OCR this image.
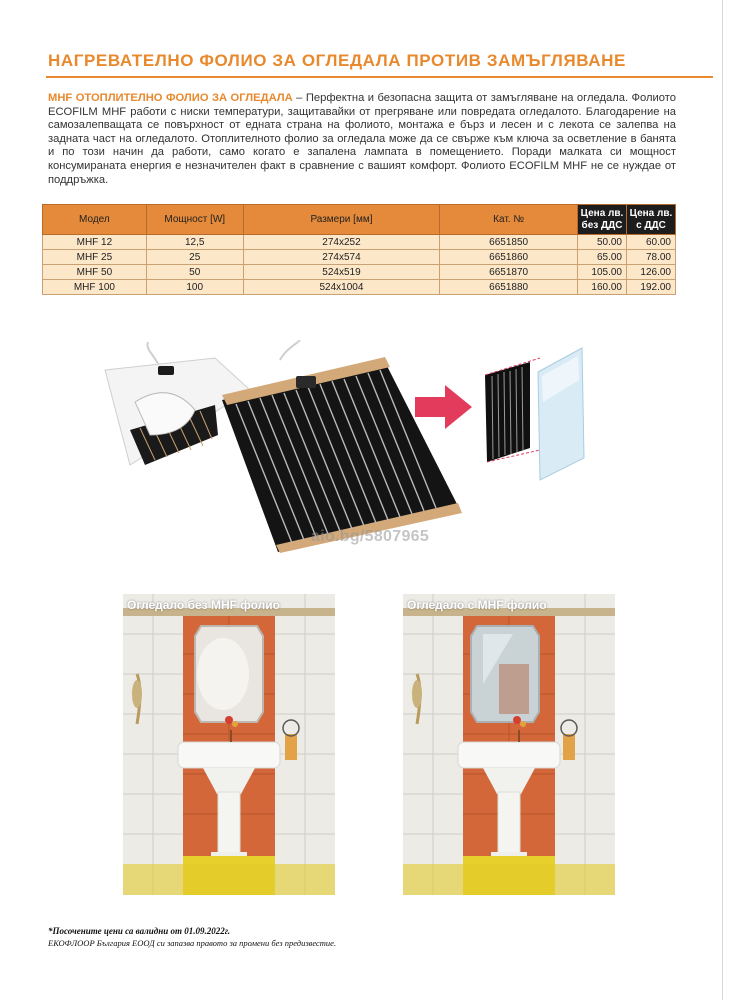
НАГРЕВАТЕЛНО ФОЛИО ЗА ОГЛЕДАЛА ПРОТИВ ЗАМЪГЛЯВАНЕ

MHF ОТОПЛИТЕЛНО ФОЛИО ЗА ОГЛЕДАЛА – Перфектна и безопасна защита от замъгляване на огледала. Фолиото ECOFILM MHF работи с ниски температури, защитавайки от прегряване или повредата огледалото. Благодарение на самозалепващата се повърхност от едната страна на фолиото, монтажа е бърз и лесен и с лекота се залепва на задната част на огледалото. Отоплителното фолио за огледала може да се свърже към ключа за осветление в банята и по този начин да работи, само когато е запалена лампата в помещението. Поради малката си мощност консумираната енергия е незначителен факт в сравнение с вашият комфорт. Фолиото ECOFILM MHF не се нуждае от поддръжка.

Модел	Мощност [W]	Размери [мм]	Кат. №	Цена лв.
без ДДС	Цена лв.
с ДДС
MHF 12	12,5	274x252	6651850	50.00	60.00
MHF 25	25	274x574	6651860	65.00	78.00
MHF 50	50	524x519	6651870	105.00	126.00
MHF 100	100	524x1004	6651880	160.00	192.00
aio.bg/5807965
Огледало без MHF фолио	Огледало с MHF фолио
*Посочените цени са валидни от 01.09.2022г.
ЕКОФЛООР България ЕООД си запазва правото за промени без предизвестие.
